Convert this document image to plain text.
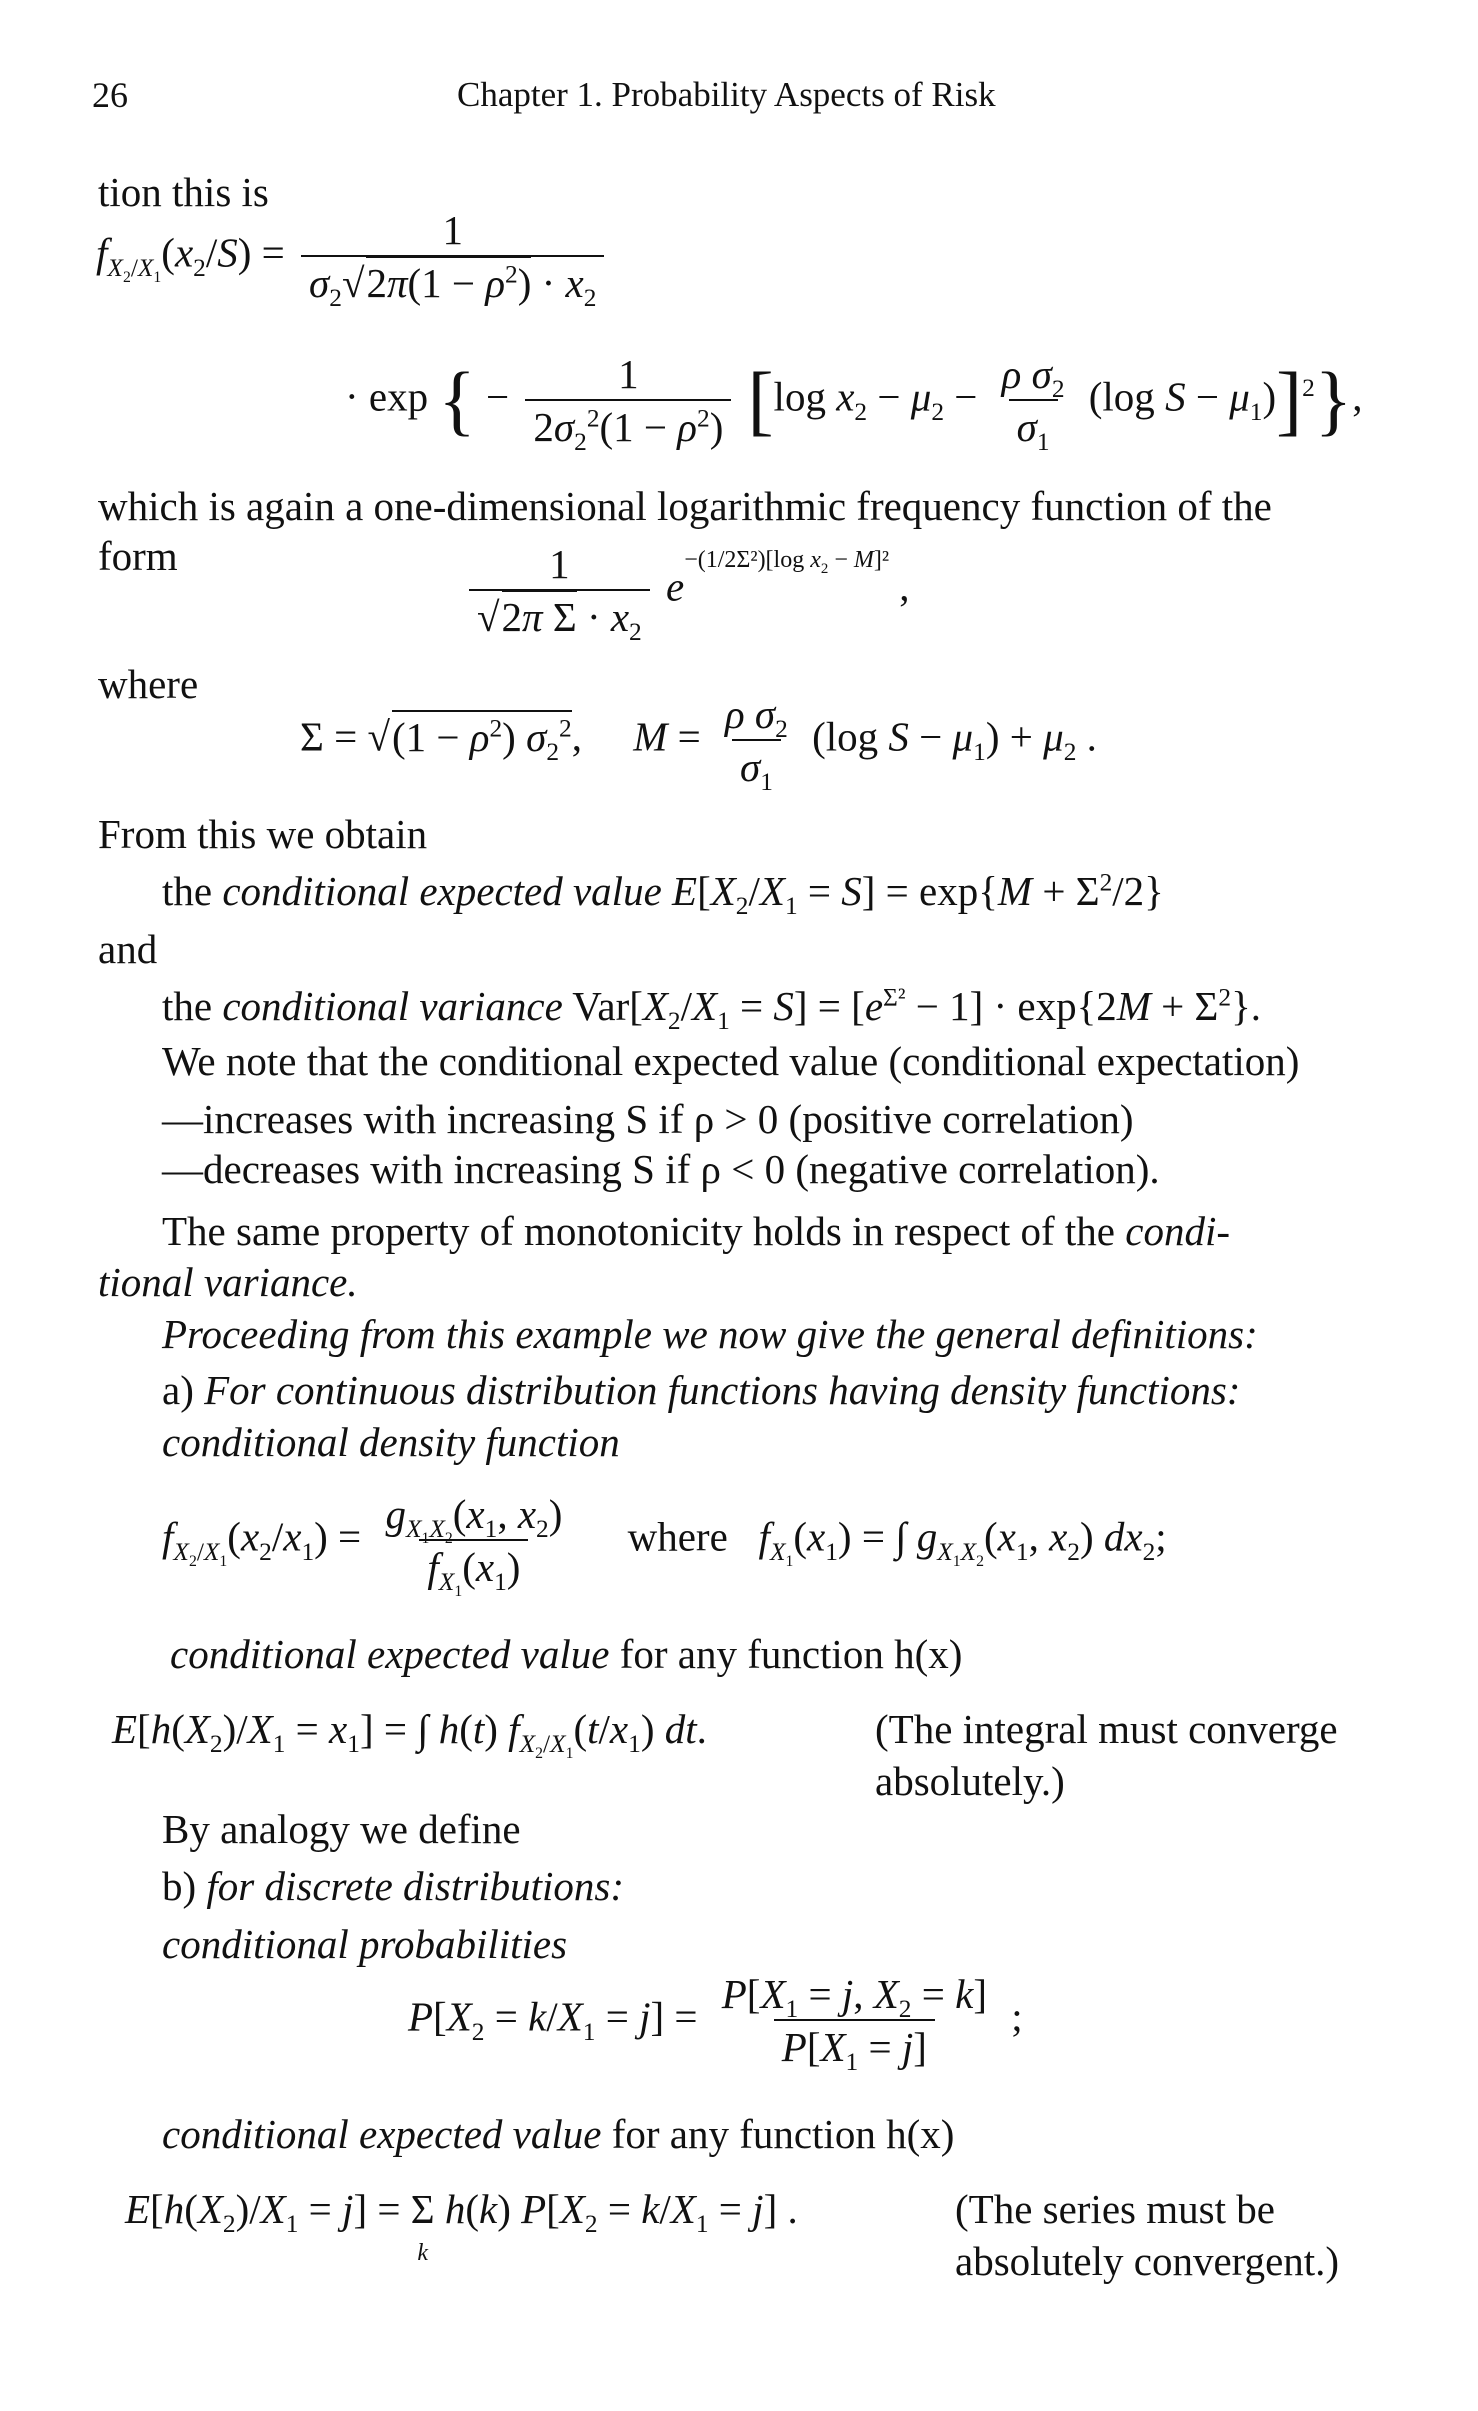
26	Chapter 1. Probability Aspects of Risk
tion this is
$f_{X_2/X_1}(x_2/S) = \frac{1}{\sigma_2√2\pi(1 - \rho^2) \cdot x_2}$
· exp { − $\frac{1}{2\sigma_2^2(1 - \rho^2)} [\log$ $x_2 - \mu_2 - \frac{\rho \sigma_2}{\sigma_1} (\log$ $S - \mu_1)]^2$},
which is again a one-dimensional logarithmic frequency function of the
form	$\frac{1}{√2\pi \Sigma \cdot x_2} e^{-(1/2\Sigma^2)[log x_2 - M]^2}$ ,
where
$\Sigma = √(1 - \rho^2)$ $\sigma_2^2$,     $M = \frac{\rho \sigma_2}{\sigma_1} (\log$ $S - \mu_1) + \mu_2$ .
From this we obtain
the conditional expected value $E[X_2/X_1 = S] = \exp\{M + \Sigma^2/2\}$
and
the conditional variance $Var[X_2/X_1 = S] = [e^{\Sigma^2} - 1] \cdot \exp\{2M + \Sigma^2\}$.
We note that the conditional expected value (conditional expectation)
—increases with increasing S if ρ > 0 (positive correlation)
—decreases with increasing S if ρ < 0 (negative correlation).
The same property of monotonicity holds in respect of the condi-
tional variance.
Proceeding from this example we now give the general definitions:
a) For continuous distribution functions having density functions:
conditional density function
$f_{X_2/X_1}(x_2/x_1) = \frac{g_{X_1X_2}(x_1, x_2)}{f_{X_1}(x_1)}$ where $f_{X_1}(x_1)$ = ∫ $g_{X_1X_2}(x_1$, $x_2$) $dx_2$;
conditional expected value for any function h(x)
$E[h(X_2)/X_1 = x_1]$ = ∫ h(t) $f_{X_2/X_1}(t/x_1)$ dt.	(The integral must converge
absolutely.)
By analogy we define
b) for discrete distributions:
conditional probabilities
$P[X_2 = k/X_1 = j] = \frac{P[X_1 = j, X_2 = k]}{P[X_1 = j]}$ ;
conditional expected value for any function h(x)
$E[h(X_2)/X_1 = j] = \Sigma$
$^k$ h(k) $P[X_2 = k/X_1 = j]$ .	(The series must be
absolutely convergent.)
